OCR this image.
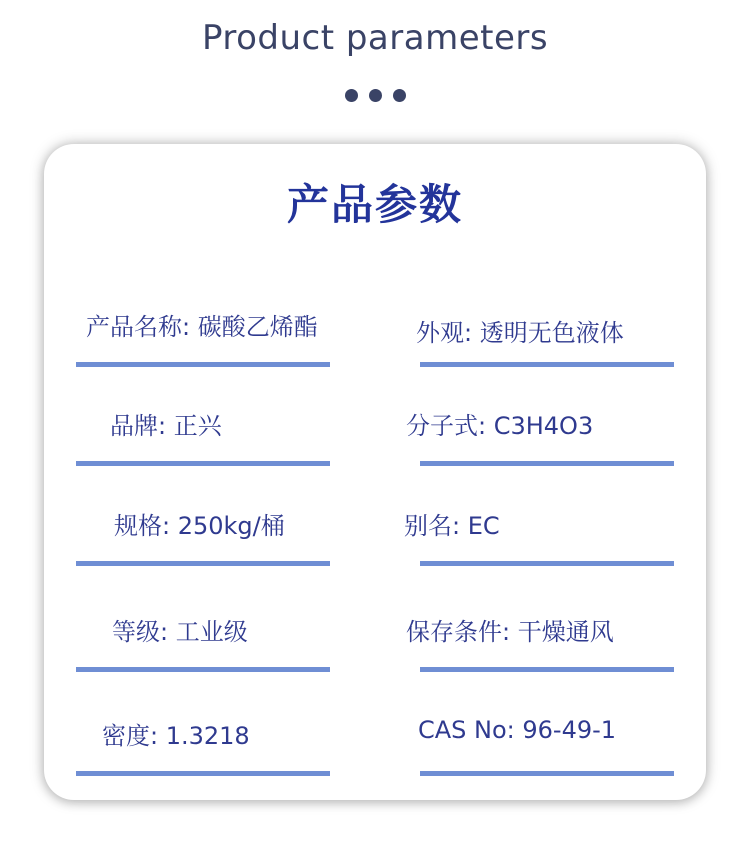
Product parameters
产品参数
产品名称: 碳酸乙烯酯	外观: 透明无色液体
品牌: 正兴	分子式: C3H4O3
规格: 250kg/桶	别名: EC
等级: 工业级	保存条件: 干燥通风
密度: 1.3218	CAS No: 96-49-1
